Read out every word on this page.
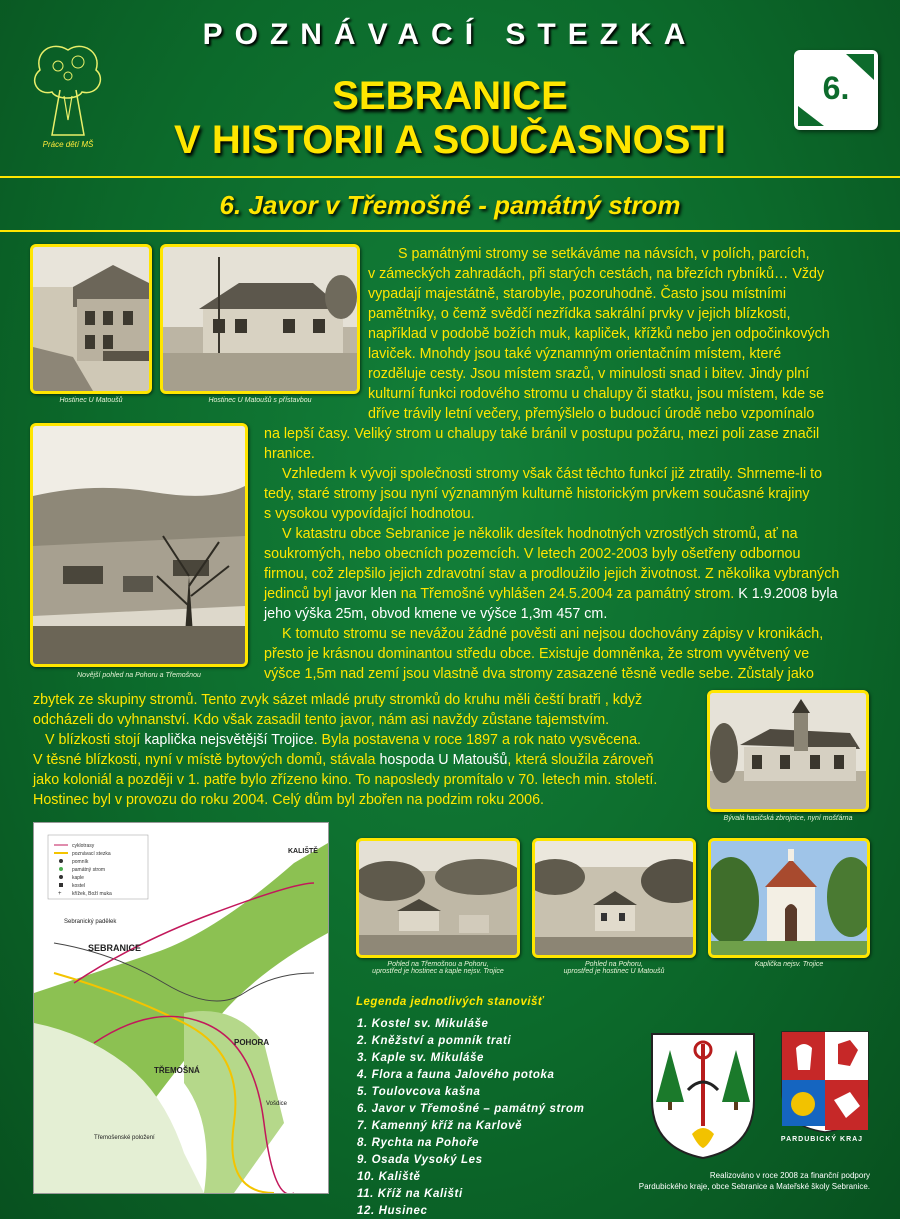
Práce dětí MŠ
POZNÁVACÍ STEZKA
SEBRANICE
V HISTORII A SOUČASNOSTI
6.
6. Javor v Třemošné - památný strom
Hostinec U Matoušů	Hostinec U Matoušů s přístavbou
Novější pohled na Pohoru a Třemošnou
S památnými stromy se setkáváme na návsích, v polích, parcích,
v zámeckých zahradách, při starých cestách, na březích rybníků… Vždy
vypadají majestátně, starobyle, pozoruhodně. Často jsou místními
pamětníky, o čemž svědčí nezřídka sakrální prvky v jejich blízkosti,
například v podobě božích muk, kapliček, křížků nebo jen odpočinkových
laviček. Mnohdy jsou také významným orientačním místem, které
rozděluje cesty. Jsou místem srazů, v minulosti snad i bitev. Jindy plní
kulturní funkci rodového stromu u chalupy či statku, jsou místem, kde se
dříve trávily letní večery, přemýšlelo o budoucí úrodě nebo vzpomínalo
na lepší časy. Veliký strom u chalupy také bránil v postupu požáru, mezi poli zase značil
hranice.
Vzhledem k vývoji společnosti stromy však část těchto funkcí již ztratily. Shrneme-li to
tedy, staré stromy jsou nyní významným kulturně historickým prvkem současné krajiny
s vysokou vypovídající hodnotou.
V katastru obce Sebranice je několik desítek hodnotných vzrostlých stromů, ať na
soukromých, nebo obecních pozemcích. V letech 2002-2003 byly ošetřeny odbornou
firmou, což zlepšilo jejich zdravotní stav a prodloužilo jejich životnost. Z několika vybraných
jedinců byl javor klen na Třemošné vyhlášen 24.5.2004 za památný strom. K 1.9.2008 byla
jeho výška 25m, obvod kmene ve výšce 1,3m 457 cm.
K tomuto stromu se nevážou žádné pověsti ani nejsou dochovány zápisy v kronikách,
přesto je krásnou dominantou středu obce. Existuje domněnka, že strom vyvětvený ve
výšce 1,5m nad zemí jsou vlastně dva stromy zasazené těsně vedle sebe. Zůstaly jako
zbytek ze skupiny stromů. Tento zvyk sázet mladé pruty stromků do kruhu měli čeští bratři , když
odcházeli do vyhnanství. Kdo však zasadil tento javor, nám asi navždy zůstane tajemstvím.
V blízkosti stojí kaplička nejsvětější Trojice. Byla postavena v roce 1897 a rok nato vysvěcena.
V těsné blízkosti, nyní v místě bytových domů, stávala hospoda U Matoušů, která sloužila zároveň
jako koloniál a později v 1. patře bylo zřízeno kino. To naposledy promítalo v 70. letech min. století.
Hostinec byl v provozu do roku 2004. Celý dům byl zbořen na podzim roku 2006.
Bývalá hasičská zbrojnice, nyní mošťárna
+
cyklotrasy
poznávací stezka
pomník
památný strom
kaple
kostel
křížek, Boží muka
SEBRANICE
Sebranický padělek
KALIŠTĚ
POHORA
TŘEMOŠNÁ
Vošdice
Třemošenské položení
Pohled na Třemošnou a Pohoru,
uprostřed je hostinec a kaple nejsv. Trojice
Pohled na Pohoru,
uprostřed je hostinec U Matoušů
Kaplička nejsv. Trojice
Legenda jednotlivých stanovišť
1. Kostel sv. Mikuláše
2. Kněžství a pomník trati
3. Kaple sv. Mikuláše
4. Flora a fauna Jalového potoka
5. Toulovcova kašna
6. Javor v Třemošné – památný strom
7. Kamenný kříž na Karlově
8. Rychta na Pohoře
9. Osada Vysoký Les
10. Kaliště
11. Kříž na Kališti
12. Husinec
PARDUBICKÝ KRAJ
Realizováno v roce 2008 za finanční podpory
Pardubického kraje, obce Sebranice a Mateřské školy Sebranice.
